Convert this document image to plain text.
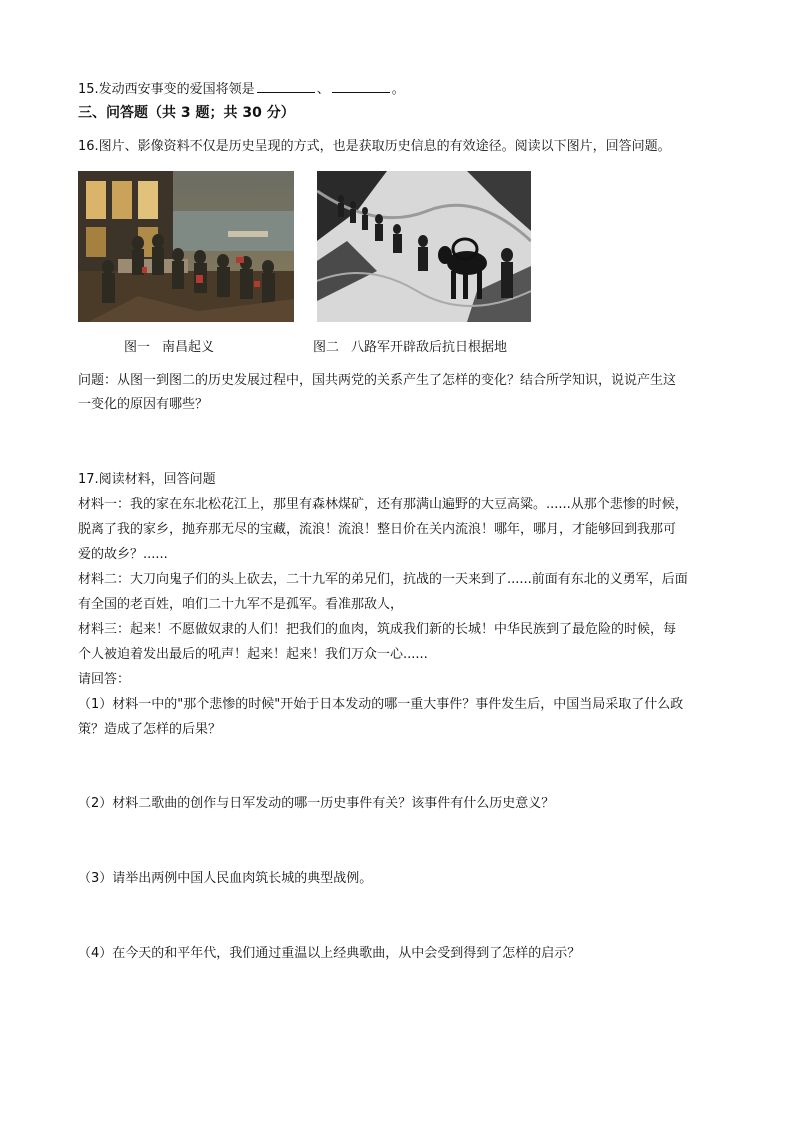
15.发动西安事变的爱国将领是	、	。
三、问答题（共 3 题；共 30 分）
16.图片、影像资料不仅是历史呈现的方式，也是获取历史信息的有效途径。阅读以下图片，回答问题。
图一 南昌起义	图二 八路军开辟敌后抗日根据地
问题：从图一到图二的历史发展过程中，国共两党的关系产生了怎样的变化？结合所学知识，说说产生这
一变化的原因有哪些？
17.阅读材料，回答问题
材料一：我的家在东北松花江上，那里有森林煤矿，还有那满山遍野的大豆高粱。......从那个悲惨的时候，
脱离了我的家乡，抛弃那无尽的宝藏，流浪！流浪！整日价在关内流浪！哪年，哪月，才能够回到我那可
爱的故乡？......
材料二：大刀向鬼子们的头上砍去，二十九军的弟兄们，抗战的一天来到了......前面有东北的义勇军，后面
有全国的老百姓，咱们二十九军不是孤军。看准那敌人，
材料三：起来！不愿做奴隶的人们！把我们的血肉，筑成我们新的长城！中华民族到了最危险的时候，每
个人被迫着发出最后的吼声！起来！起来！我们万众一心......
请回答：
（1）材料一中的"那个悲惨的时候"开始于日本发动的哪一重大事件？事件发生后，中国当局采取了什么政
策？造成了怎样的后果？
（2）材料二歌曲的创作与日军发动的哪一历史事件有关？该事件有什么历史意义？
（3）请举出两例中国人民血肉筑长城的典型战例。
（4）在今天的和平年代，我们通过重温以上经典歌曲，从中会受到得到了怎样的启示？
